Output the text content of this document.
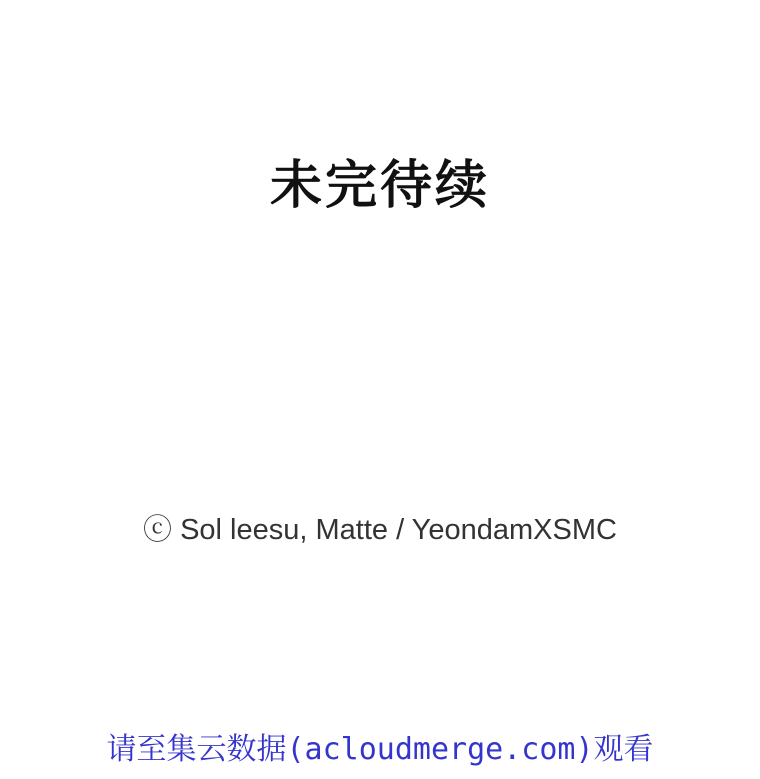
未完待续
ⓒ Sol leesu, Matte / YeondamXSMC
请至集云数据(acloudmerge.com)观看
